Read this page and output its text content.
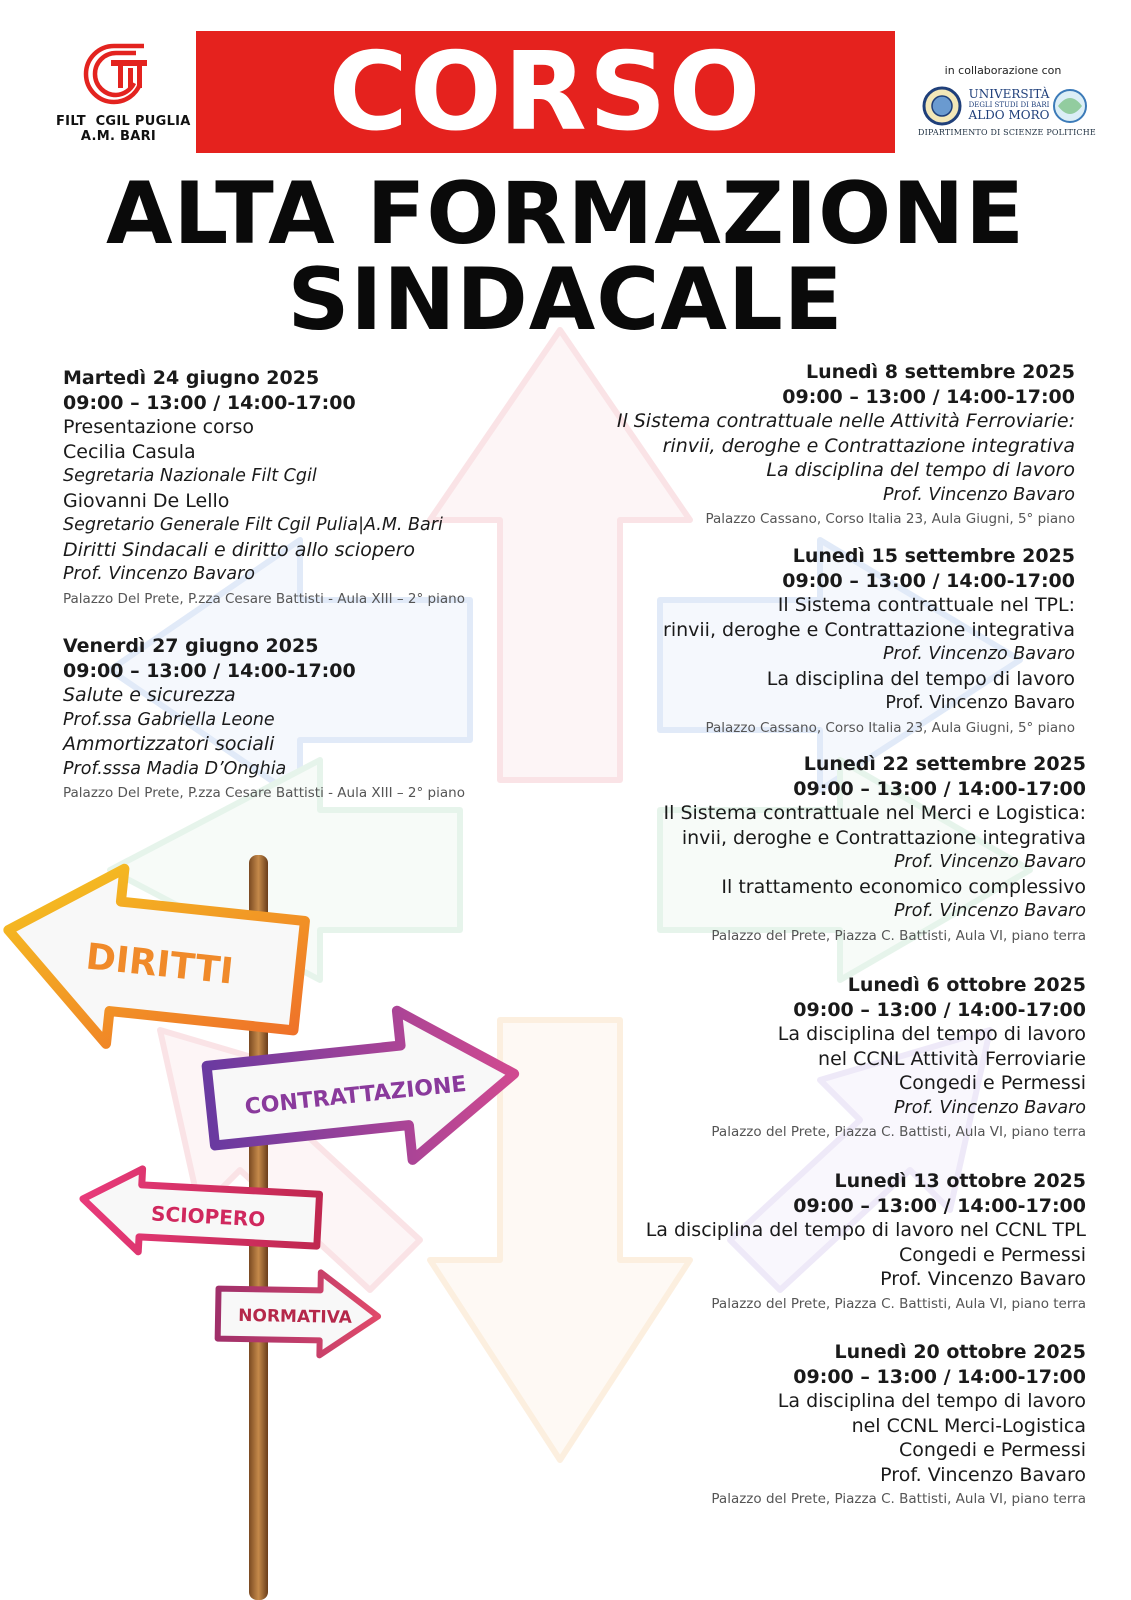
FILT  CGIL PUGLIA
A.M. BARI	CORSO	in collaborazione con
UNIVERSITÀ
DEGLI STUDI DI BARI
ALDO MORO
DIPARTIMENTO DI SCIENZE POLITICHE
ALTA FORMAZIONE
SINDACALE
Martedì 24 giugno 2025
09:00 – 13:00 / 14:00-17:00
Presentazione corso
Cecilia Casula
Segretaria Nazionale Filt Cgil
Giovanni De Lello
Segretario Generale Filt Cgil Pulia|A.M. Bari
Diritti Sindacali e diritto allo sciopero
Prof. Vincenzo Bavaro
Palazzo Del Prete, P.zza Cesare Battisti - Aula XIII – 2° piano
Venerdì 27 giugno 2025
09:00 – 13:00 / 14:00-17:00
Salute e sicurezza
Prof.ssa Gabriella Leone
Ammortizzatori sociali
Prof.sssa Madia D’Onghia
Palazzo Del Prete, P.zza Cesare Battisti - Aula XIII – 2° piano
Lunedì 8 settembre 2025
09:00 – 13:00 / 14:00-17:00
Il Sistema contrattuale nelle Attività Ferroviarie:
rinvii, deroghe e Contrattazione integrativa
La disciplina del tempo di lavoro
Prof. Vincenzo Bavaro
Palazzo Cassano, Corso Italia 23, Aula Giugni, 5° piano
Lunedì 15 settembre 2025
09:00 – 13:00 / 14:00-17:00
Il Sistema contrattuale nel TPL:
rinvii, deroghe e Contrattazione integrativa
Prof. Vincenzo Bavaro
La disciplina del tempo di lavoro
Prof. Vincenzo Bavaro
Palazzo Cassano, Corso Italia 23, Aula Giugni, 5° piano
Lunedì 22 settembre 2025
09:00 – 13:00 / 14:00-17:00
Il Sistema contrattuale nel Merci e Logistica:
invii, deroghe e Contrattazione integrativa
Prof. Vincenzo Bavaro
Il trattamento economico complessivo
Prof. Vincenzo Bavaro
Palazzo del Prete, Piazza C. Battisti, Aula VI, piano terra
Lunedì 6 ottobre 2025
09:00 – 13:00 / 14:00-17:00
La disciplina del tempo di lavoro
nel CCNL Attività Ferroviarie
Congedi e Permessi
Prof. Vincenzo Bavaro
Palazzo del Prete, Piazza C. Battisti, Aula VI, piano terra
Lunedì 13 ottobre 2025
09:00 – 13:00 / 14:00-17:00
La disciplina del tempo di lavoro nel CCNL TPL
Congedi e Permessi
Prof. Vincenzo Bavaro
Palazzo del Prete, Piazza C. Battisti, Aula VI, piano terra
Lunedì 20 ottobre 2025
09:00 – 13:00 / 14:00-17:00
La disciplina del tempo di lavoro
nel CCNL Merci-Logistica
Congedi e Permessi
Prof. Vincenzo Bavaro
Palazzo del Prete, Piazza C. Battisti, Aula VI, piano terra
DIRITTI
CONTRATTAZIONE
SCIOPERO
NORMATIVA
